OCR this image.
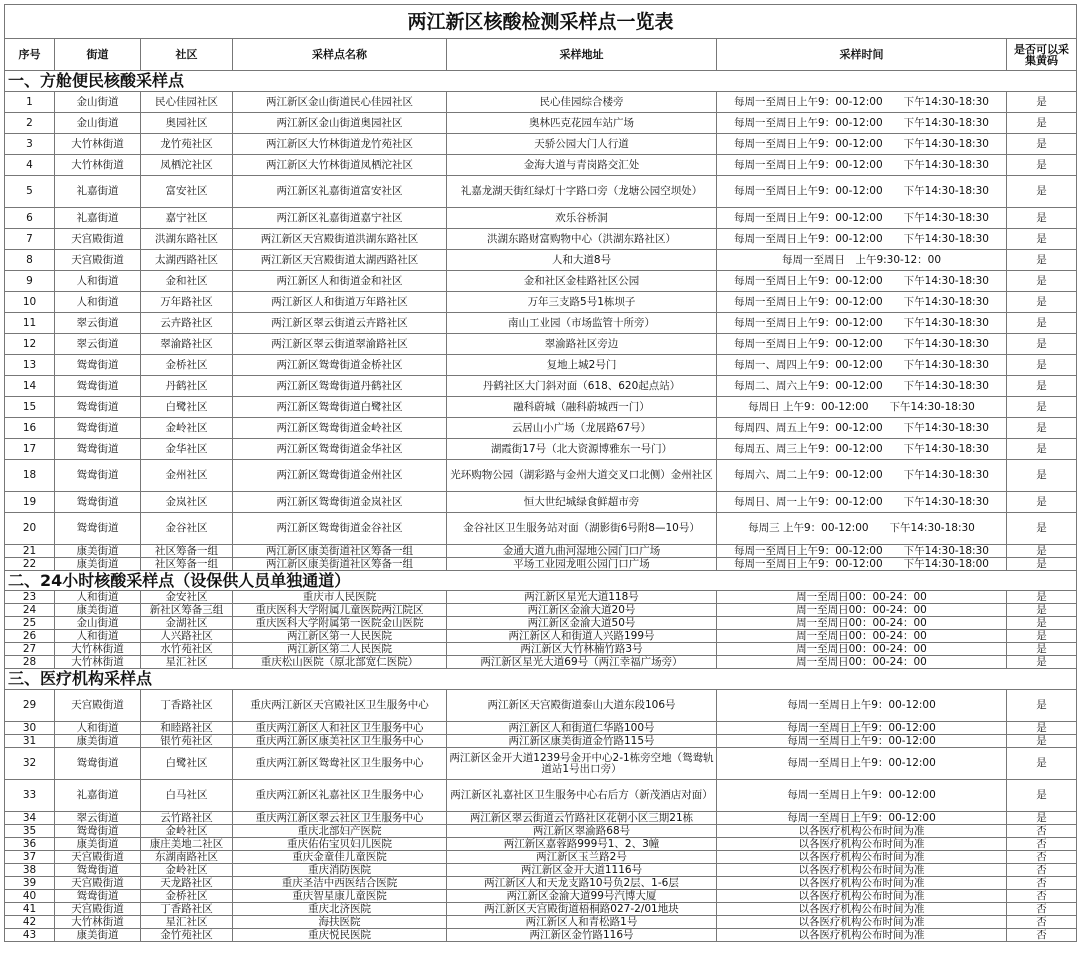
两江新区核酸检测采样点一览表						
序号	街道	社区	采样点名称	采样地址	采样时间	是否可以采集黄码
一、方舱便民核酸采样点						
1	金山街道	民心佳园社区	两江新区金山街道民心佳园社区	民心佳园综合楼旁	每周一至周日上午9：00-12:00　　下午14:30-18:30	是
2	金山街道	奥园社区	两江新区金山街道奥园社区	奥林匹克花园车站广场	每周一至周日上午9：00-12:00　　下午14:30-18:30	是
3	大竹林街道	龙竹苑社区	两江新区大竹林街道龙竹苑社区	天骄公园大门人行道	每周一至周日上午9：00-12:00　　下午14:30-18:30	是
4	大竹林街道	凤栖沱社区	两江新区大竹林街道凤栖沱社区	金海大道与青岗路交汇处	每周一至周日上午9：00-12:00　　下午14:30-18:30	是
5	礼嘉街道	富安社区	两江新区礼嘉街道富安社区	礼嘉龙湖天街红绿灯十字路口旁（龙塘公园空坝处）	每周一至周日上午9：00-12:00　　下午14:30-18:30	是
6	礼嘉街道	嘉宁社区	两江新区礼嘉街道嘉宁社区	欢乐谷桥洞	每周一至周日上午9：00-12:00　　下午14:30-18:30	是
7	天宫殿街道	洪湖东路社区	两江新区天宫殿街道洪湖东路社区	洪湖东路财富购物中心（洪湖东路社区）	每周一至周日上午9：00-12:00　　下午14:30-18:30	是
8	天宫殿街道	太湖西路社区	两江新区天宫殿街道太湖西路社区	人和大道8号	每周一至周日　上午9:30-12：00	是
9	人和街道	金和社区	两江新区人和街道金和社区	金和社区金桂路社区公园	每周一至周日上午9：00-12:00　　下午14:30-18:30	是
10	人和街道	万年路社区	两江新区人和街道万年路社区	万年三支路5号1栋坝子	每周一至周日上午9：00-12:00　　下午14:30-18:30	是
11	翠云街道	云卉路社区	两江新区翠云街道云卉路社区	南山工业园（市场监管十所旁）	每周一至周日上午9：00-12:00　　下午14:30-18:30	是
12	翠云街道	翠渝路社区	两江新区翠云街道翠渝路社区	翠渝路社区旁边	每周一至周日上午9：00-12:00　　下午14:30-18:30	是
13	鸳鸯街道	金桥社区	两江新区鸳鸯街道金桥社区	复地上城2号门	每周一、周四上午9：00-12:00　　下午14:30-18:30	是
14	鸳鸯街道	丹鹤社区	两江新区鸳鸯街道丹鹤社区	丹鹤社区大门斜对面（618、620起点站）	每周二、周六上午9：00-12:00　　下午14:30-18:30	是
15	鸳鸯街道	白鹭社区	两江新区鸳鸯街道白鹭社区	融科蔚城（融科蔚城西一门）	每周日 上午9：00-12:00　　下午14:30-18:30	是
16	鸳鸯街道	金岭社区	两江新区鸳鸯街道金岭社区	云居山小广场（龙展路67号）	每周四、周五上午9：00-12:00　　下午14:30-18:30	是
17	鸳鸯街道	金华社区	两江新区鸳鸯街道金华社区	湖霞街17号（北大资源博雅东一号门）	每周五、周三上午9：00-12:00　　下午14:30-18:30	是
18	鸳鸯街道	金州社区	两江新区鸳鸯街道金州社区	光环购物公园（湖彩路与金州大道交叉口北侧）金州社区	每周六、周二上午9：00-12:00　　下午14:30-18:30	是
19	鸳鸯街道	金岚社区	两江新区鸳鸯街道金岚社区	恒大世纪城绿食鲜超市旁	每周日、周一上午9：00-12:00　　下午14:30-18:30	是
20	鸳鸯街道	金谷社区	两江新区鸳鸯街道金谷社区	金谷社区卫生服务站对面（湖影街6号附8—10号）	每周三 上午9：00-12:00　　下午14:30-18:30	是
21	康美街道	社区筹备一组	两江新区康美街道社区筹备一组	金通大道九曲河湿地公园门口广场	每周一至周日上午9：00-12:00　　下午14:30-18:30	是
22	康美街道	社区筹备一组	两江新区康美街道社区筹备一组	平场工业园龙咀公园门口广场	每周一至周日上午9：00-12:00　　下午14:30-18:00	是
二、24小时核酸采样点（设保供人员单独通道）						
23	人和街道	金安社区	重庆市人民医院	两江新区星光大道118号	周一至周日00：00-24：00	是
24	康美街道	新社区筹备三组	重庆医科大学附属儿童医院两江院区	两江新区金渝大道20号	周一至周日00：00-24：00	是
25	金山街道	金湖社区	重庆医科大学附属第一医院金山医院	两江新区金渝大道50号	周一至周日00：00-24：00	是
26	人和街道	人兴路社区	两江新区第一人民医院	两江新区人和街道人兴路199号	周一至周日00：00-24：00	是
27	大竹林街道	水竹苑社区	两江新区第二人民医院	两江新区大竹林楠竹路3号	周一至周日00：00-24：00	是
28	大竹林街道	星汇社区	重庆松山医院（原北部宽仁医院）	两江新区星光大道69号（两江幸福广场旁）	周一至周日00：00-24：00	是
三、医疗机构采样点						
29	天宫殿街道	丁香路社区	重庆两江新区天宫殿社区卫生服务中心	两江新区天宫殿街道泰山大道东段106号	每周一至周日上午9：00-12:00	是
30	人和街道	和睦路社区	重庆两江新区人和社区卫生服务中心	两江新区人和街道仁华路100号	每周一至周日上午9：00-12:00	是
31	康美街道	银竹苑社区	重庆两江新区康美社区卫生服务中心	两江新区康美街道金竹路115号	每周一至周日上午9：00-12:00	是
32	鸳鸯街道	白鹭社区	重庆两江新区鸳鸯社区卫生服务中心	两江新区金开大道1239号金开中心2-1栋旁空地（鸳鸯轨道站1号出口旁）	每周一至周日上午9：00-12:00	是
33	礼嘉街道	白马社区	重庆两江新区礼嘉社区卫生服务中心	两江新区礼嘉社区卫生服务中心右后方（新茂酒店对面）	每周一至周日上午9：00-12:00	是
34	翠云街道	云竹路社区	重庆两江新区翠云社区卫生服务中心	两江新区翠云街道云竹路社区花朝小区三期21栋	每周一至周日上午9：00-12:00	是
35	鸳鸯街道	金岭社区	重庆北部妇产医院	两江新区翠渝路68号	以各医疗机构公布时间为准	否
36	康美街道	康庄美地二社区	重庆佑佑宝贝妇儿医院	两江新区嘉蓉路999号1、2、3幢	以各医疗机构公布时间为准	否
37	天宫殿街道	东湖南路社区	重庆金童佳儿童医院	两江新区玉兰路2号	以各医疗机构公布时间为准	否
38	鸳鸯街道	金岭社区	重庆消防医院	两江新区金开大道1116号	以各医疗机构公布时间为准	否
39	天宫殿街道	天龙路社区	重庆圣洁中西医结合医院	两江新区人和天龙支路10号负2层、1-6层	以各医疗机构公布时间为准	否
40	鸳鸯街道	金桥社区	重庆智星康儿童医院	两江新区金渝大道99号汽博大厦	以各医疗机构公布时间为准	否
41	天宫殿街道	丁香路社区	重庆北济医院	两江新区天宫殿街道梧桐路027-2/01地块	以各医疗机构公布时间为准	否
42	大竹林街道	星汇社区	海扶医院	两江新区人和青松路1号	以各医疗机构公布时间为准	否
43	康美街道	金竹苑社区	重庆悦民医院	两江新区金竹路116号	以各医疗机构公布时间为准	否
